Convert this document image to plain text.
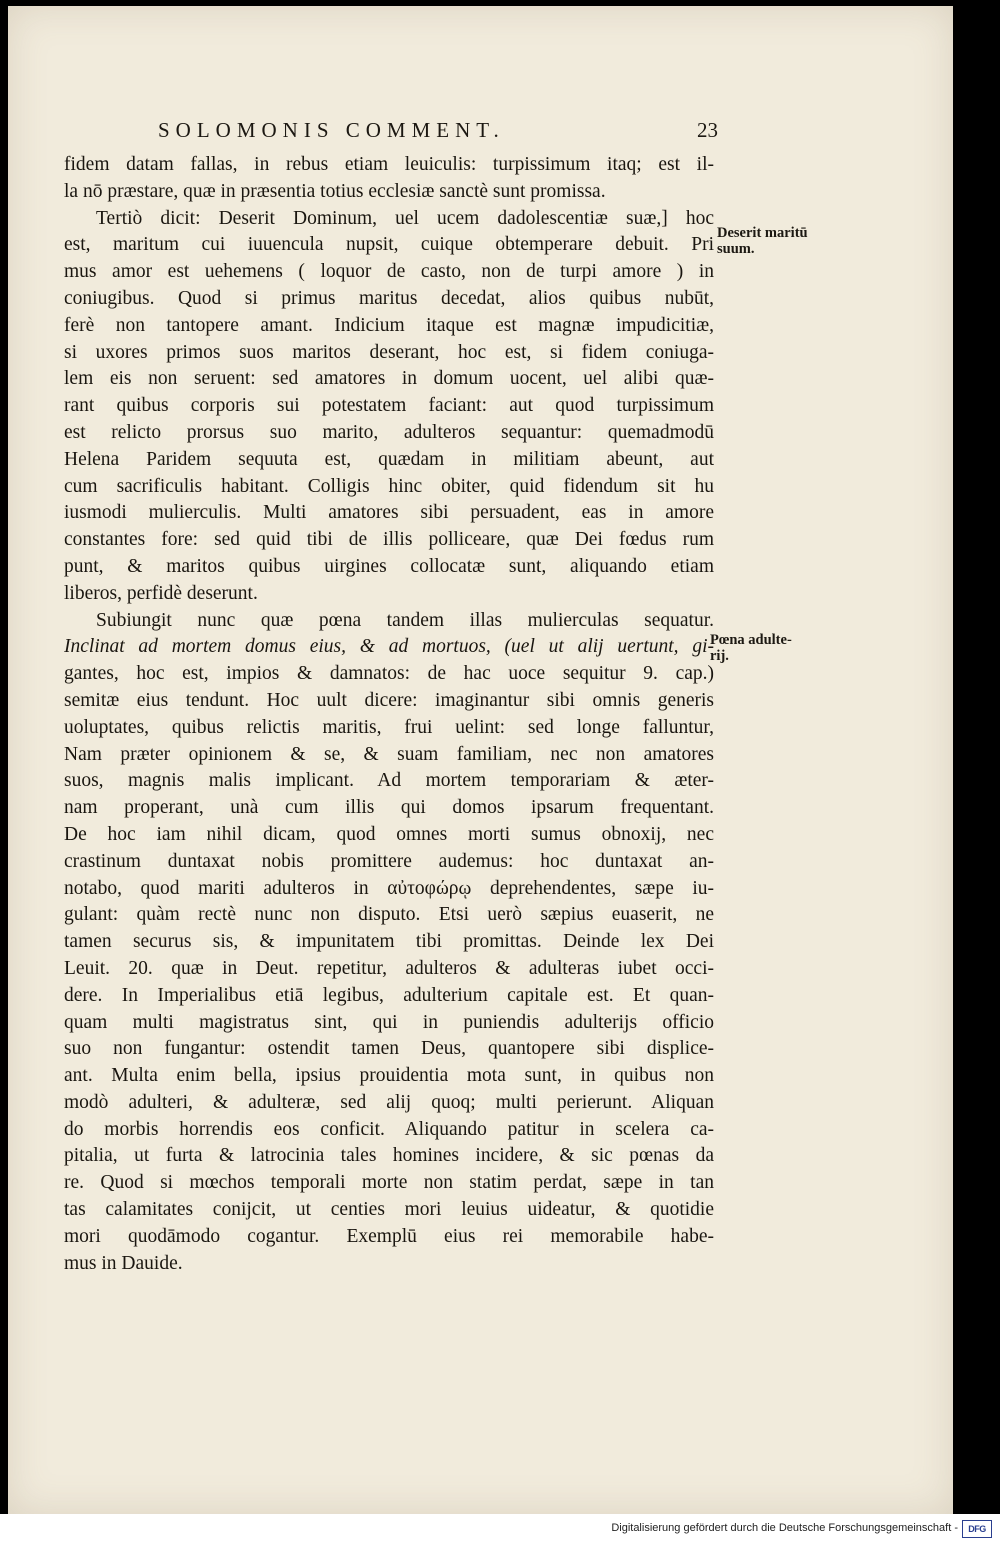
SOLOMONIS COMMENT.	23
fidem datam fallas, in rebus etiam leuiculis: turpissimum itaq; est il-
la nō præstare, quæ in præsentia totius ecclesiæ sanctè sunt promissa.
Tertiò dicit: Deserit Dominum, uel ucem dadolescentiæ suæ,] hoc
est, maritum cui iuuencula nupsit, cuique obtemperare debuit. Pri
mus amor est uehemens ( loquor de casto, non de turpi amore ) in
coniugibus. Quod si primus maritus decedat, alios quibus nubūt,
ferè non tantopere amant. Indicium itaque est magnæ impudicitiæ,
si uxores primos suos maritos deserant, hoc est, si fidem coniuga-
lem eis non seruent: sed amatores in domum uocent, uel alibi quæ-
rant quibus corporis sui potestatem faciant: aut quod turpissimum
est relicto prorsus suo marito, adulteros sequantur: quemadmodū
Helena Paridem sequuta est, quædam in militiam abeunt, aut
cum sacrificulis habitant. Colligis hinc obiter, quid fidendum sit hu
iusmodi mulierculis. Multi amatores sibi persuadent, eas in amore
constantes fore: sed quid tibi de illis polliceare, quæ Dei fœdus rum
punt, & maritos quibus uirgines collocatæ sunt, aliquando etiam
liberos, perfidè deserunt.
Subiungit nunc quæ pœna tandem illas mulierculas sequatur.
Inclinat ad mortem domus eius, & ad mortuos, (uel ut alij uertunt, gi-
gantes, hoc est, impios & damnatos: de hac uoce sequitur 9. cap.)
semitæ eius tendunt. Hoc uult dicere: imaginantur sibi omnis generis
uoluptates, quibus relictis maritis, frui uelint: sed longe falluntur,
Nam præter opinionem & se, & suam familiam, nec non amatores
suos, magnis malis implicant. Ad mortem temporariam & æter-
nam properant, unà cum illis qui domos ipsarum frequentant.
De hoc iam nihil dicam, quod omnes morti sumus obnoxij, nec
crastinum duntaxat nobis promittere audemus: hoc duntaxat an-
notabo, quod mariti adulteros in αὐτοφώρῳ deprehendentes, sæpe iu-
gulant: quàm rectè nunc non disputo. Etsi uerò sæpius euaserit, ne
tamen securus sis, & impunitatem tibi promittas. Deinde lex Dei
Leuit. 20. quæ in Deut. repetitur, adulteros & adulteras iubet occi-
dere. In Imperialibus etiā legibus, adulterium capitale est. Et quan-
quam multi magistratus sint, qui in puniendis adulterijs officio
suo non fungantur: ostendit tamen Deus, quantopere sibi displice-
ant. Multa enim bella, ipsius prouidentia mota sunt, in quibus non
modò adulteri, & adulteræ, sed alij quoq; multi perierunt. Aliquan
do morbis horrendis eos conficit. Aliquando patitur in scelera ca-
pitalia, ut furta & latrocinia tales homines incidere, & sic pœnas da
re. Quod si mœchos temporali morte non statim perdat, sæpe in tan
tas calamitates conijcit, ut centies mori leuius uideatur, & quotidie
mori quodāmodo cogantur. Exemplū eius rei memorabile habe-
mus in Dauide.
Deserit maritū
suum.
Pœna adulte-
rij.
Digitalisierung gefördert durch die Deutsche Forschungsgemeinschaft -	DFG
